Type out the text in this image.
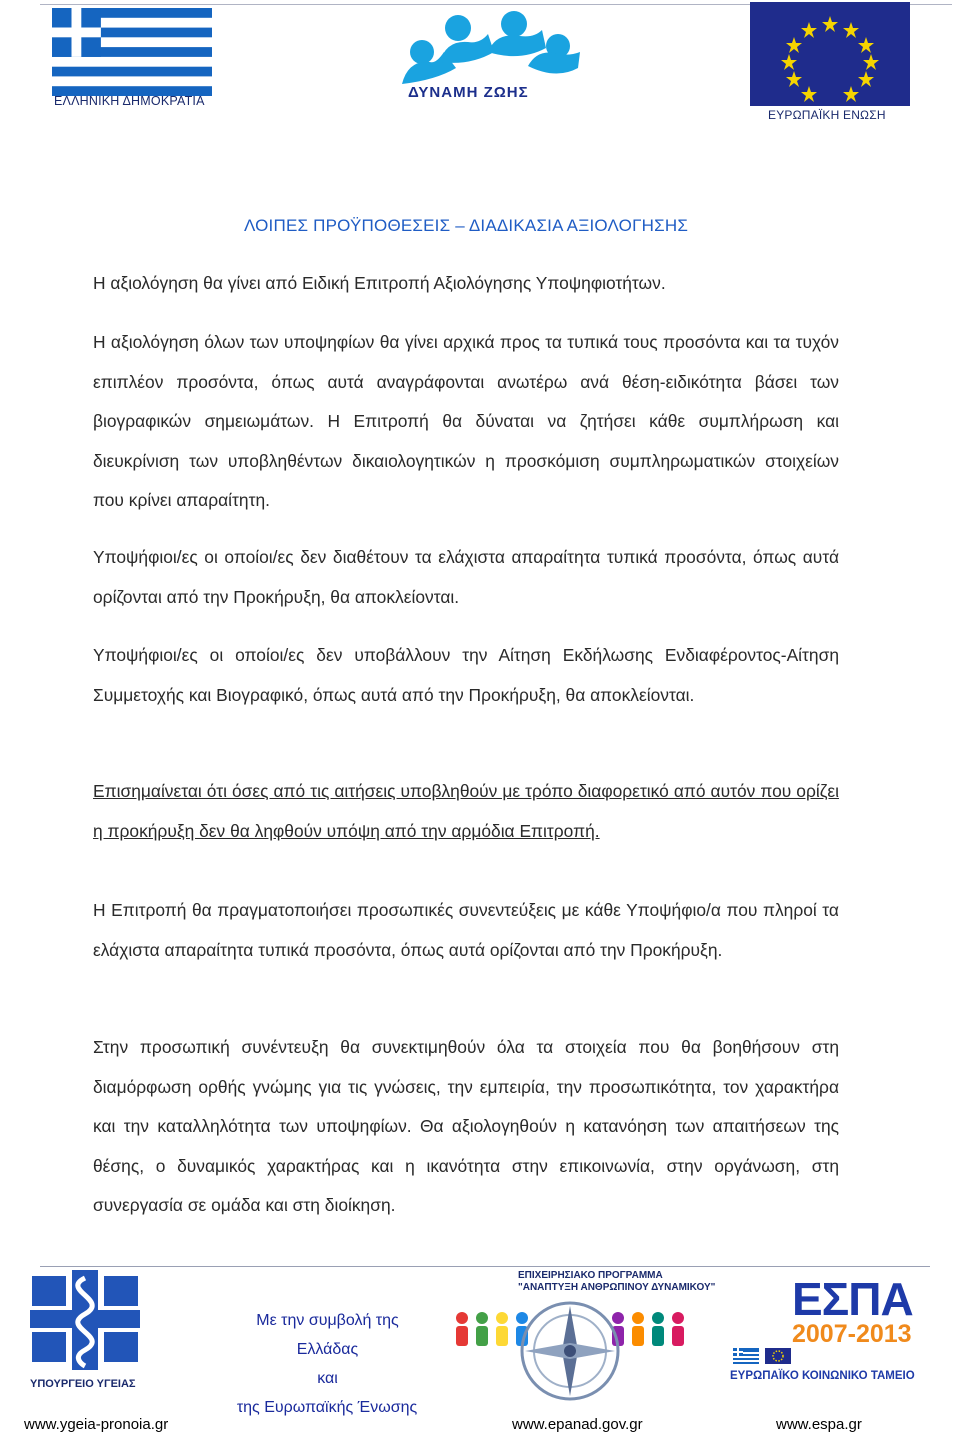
ΕΛΛΗΝΙΚΗ ΔΗΜΟΚΡΑΤΙΑ	ΔΥΝΑΜΗ ΖΩΗΣ
ΕΥΡΩΠΑΪΚΗ ΕΝΩΣΗ
ΛΟΙΠΕΣ ΠΡΟΫΠΟΘΕΣΕΙΣ – ΔΙΑΔΙΚΑΣΙΑ ΑΞΙΟΛΟΓΗΣΗΣ
Η αξιολόγηση θα γίνει από Ειδική Επιτροπή Αξιολόγησης Υποψηφιοτήτων.
Η αξιολόγηση όλων των υποψηφίων θα γίνει αρχικά προς τα τυπικά τους προσόντα και τα τυχόν επιπλέον προσόντα, όπως αυτά αναγράφονται ανωτέρω ανά θέση-ειδικότητα βάσει των βιογραφικών σημειωμάτων. Η Επιτροπή θα δύναται να ζητήσει κάθε συμπλήρωση και διευκρίνιση των υποβληθέντων δικαιολογητικών η προσκόμιση συμπληρωματικών στοιχείων που κρίνει απαραίτητη.
Υποψήφιοι/ες οι οποίοι/ες δεν διαθέτουν τα ελάχιστα απαραίτητα τυπικά προσόντα, όπως αυτά ορίζονται από την Προκήρυξη, θα αποκλείονται.
Υποψήφιοι/ες οι οποίοι/ες δεν υποβάλλουν την Αίτηση Εκδήλωσης Ενδιαφέροντος-Αίτηση Συμμετοχής και Βιογραφικό, όπως αυτά από την Προκήρυξη, θα αποκλείονται.
Επισημαίνεται ότι όσες από τις αιτήσεις υποβληθούν με τρόπο διαφορετικό από αυτόν που ορίζει η προκήρυξη δεν θα ληφθούν υπόψη από την αρμόδια Επιτροπή.
Η Επιτροπή θα πραγματοποιήσει προσωπικές συνεντεύξεις με κάθε Υποψήφιο/α που πληροί τα ελάχιστα απαραίτητα τυπικά προσόντα, όπως αυτά ορίζονται από την Προκήρυξη.
Στην προσωπική συνέντευξη θα συνεκτιμηθούν όλα τα στοιχεία που θα βοηθήσουν στη διαμόρφωση ορθής γνώμης για τις γνώσεις, την εμπειρία, την προσωπικότητα, τον χαρακτήρα και την καταλληλότητα των υποψηφίων. Θα αξιολογηθούν η κατανόηση των απαιτήσεων της θέσης, ο δυναμικός χαρακτήρας και η ικανότητα στην επικοινωνία, στην οργάνωση, στη συνεργασία σε ομάδα και στη διοίκηση.
ΥΠΟΥΡΓΕΙΟ ΥΓΕΙΑΣ
Με την συμβολή της
Ελλάδας
και
της Ευρωπαϊκής Ένωσης
ΕΠΙΧΕΙΡΗΣΙΑΚΟ ΠΡΟΓΡΑΜΜΑ
"ΑΝΑΠΤΥΞΗ ΑΝΘΡΩΠΙΝΟΥ ΔΥΝΑΜΙΚΟΥ" ΕΣΠΑ
2007-2013
ΕΥΡΩΠΑΪΚΟ ΚΟΙΝΩΝΙΚΟ ΤΑΜΕΙΟ
www.ygeia-pronoia.gr	www.epanad.gov.gr	www.espa.gr
